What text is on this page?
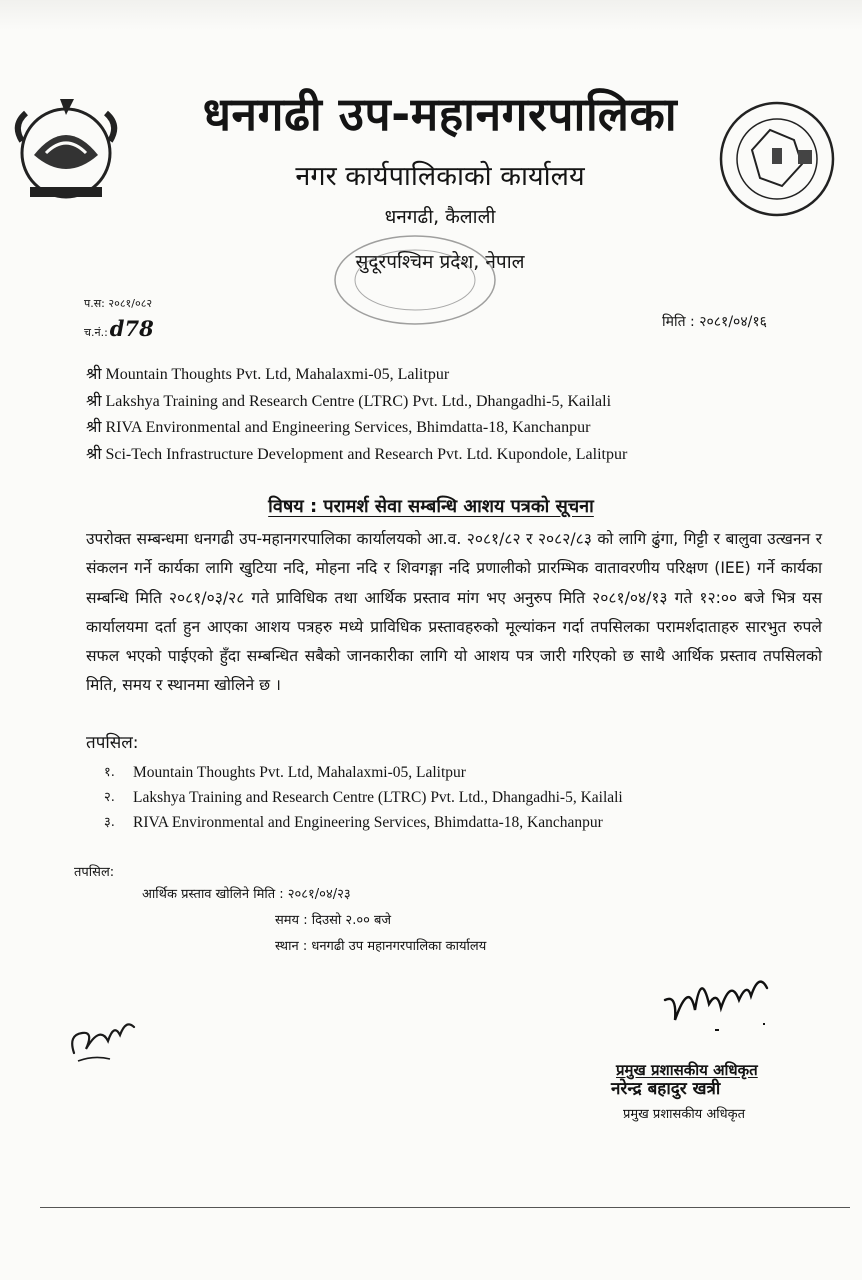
धनगढी उप-महानगरपालिका
नगर कार्यपालिकाको कार्यालय
धनगढी, कैलाली
सुदूरपश्चिम प्रदेश, नेपाल
प.स: २०८१/०८२
च.नं.:d78	मिति : २०८१/०४/१६
श्री Mountain Thoughts Pvt. Ltd, Mahalaxmi-05, Lalitpur
श्री Lakshya Training and Research Centre (LTRC) Pvt. Ltd., Dhangadhi-5, Kailali
श्री RIVA Environmental and Engineering Services, Bhimdatta-18, Kanchanpur
श्री Sci-Tech Infrastructure Development and Research Pvt. Ltd. Kupondole, Lalitpur
विषय : परामर्श सेवा सम्बन्धि आशय पत्रको सूचना
उपरोक्त सम्बन्धमा धनगढी उप-महानगरपालिका कार्यालयको आ.व. २०८१/८२ र २०८२/८३ को लागि ढुंगा, गिट्टी र बालुवा उत्खनन र संकलन गर्ने कार्यका लागि खुटिया नदि, मोहना नदि र शिवगङ्गा नदि प्रणालीको प्रारम्भिक वातावरणीय परिक्षण (IEE) गर्ने कार्यका सम्बन्धि मिति २०८१/०३/२८ गते प्राविधिक तथा आर्थिक प्रस्ताव मांग भए अनुरुप मिति २०८१/०४/१३ गते १२:०० बजे भित्र यस कार्यालयमा दर्ता हुन आएका आशय पत्रहरु मध्ये प्राविधिक प्रस्तावहरुको मूल्यांकन गर्दा तपसिलका परामर्शदाताहरु सारभुत रुपले सफल भएको पाईएको हुँदा सम्बन्धित सबैको जानकारीका लागि यो आशय पत्र जारी गरिएको छ साथै आर्थिक प्रस्ताव तपसिलको मिति, समय र स्थानमा खोलिने छ ।
तपसिल:
१.	Mountain Thoughts Pvt. Ltd, Mahalaxmi-05, Lalitpur
२.	Lakshya Training and Research Centre (LTRC) Pvt. Ltd., Dhangadhi-5, Kailali
३.	RIVA Environmental and Engineering Services, Bhimdatta-18, Kanchanpur
तपसिल:
आर्थिक प्रस्ताव खोलिने मिति : २०८१/०४/२३
समय : दिउसो २.०० बजे
स्थान : धनगढी उप महानगरपालिका कार्यालय
प्रमुख प्रशासकीय अधिकृत
नरेन्द्र बहादुर खत्री
प्रमुख प्रशासकीय अधिकृत
